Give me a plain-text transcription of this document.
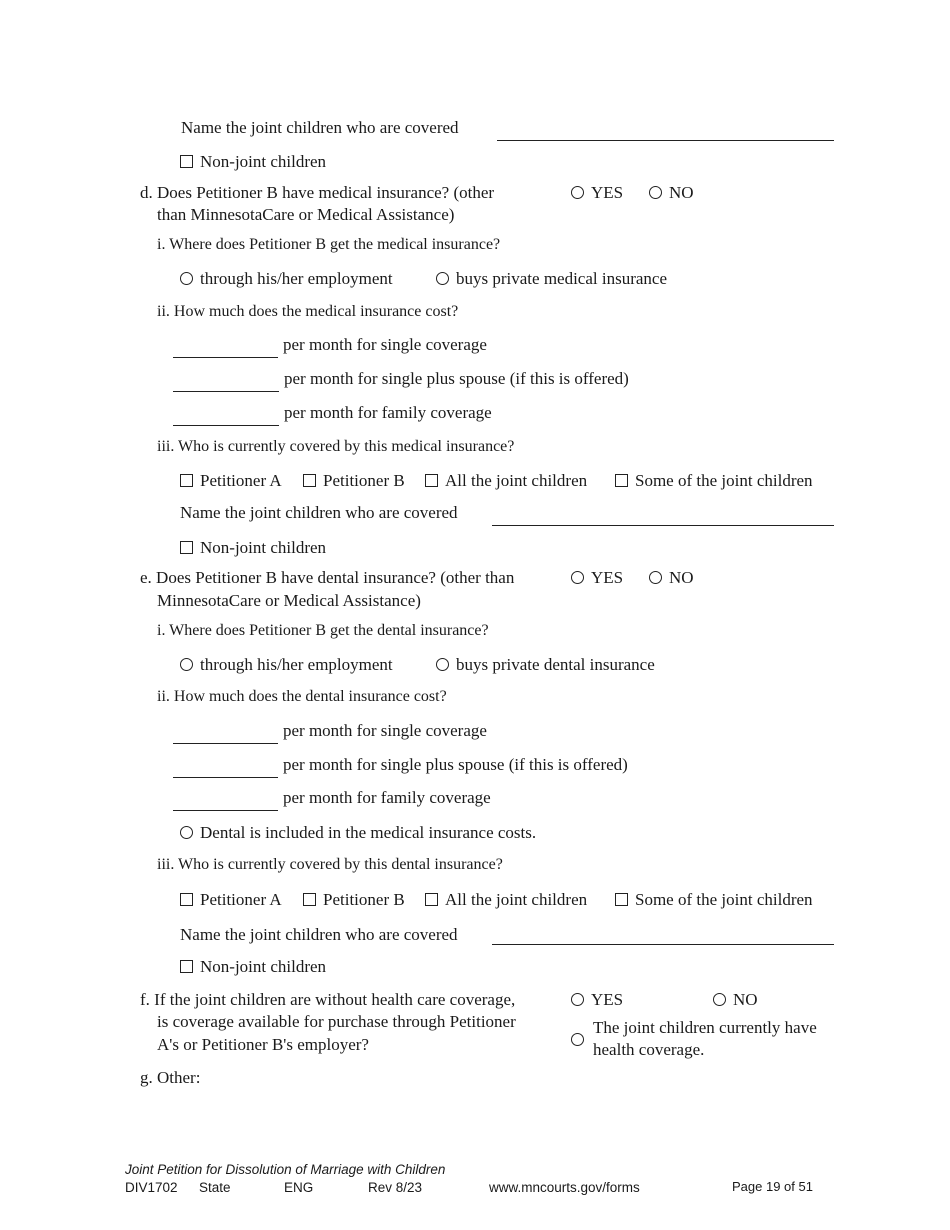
Name the joint children who are covered
Non-joint children
d. Does Petitioner B have medical insurance? (other
than MinnesotaCare or Medical Assistance)
YES	NO
i. Where does Petitioner B get the medical insurance?
through his/her employment	buys private medical insurance
ii. How much does the medical insurance cost?
per month for single coverage
per month for single plus spouse (if this is offered)
per month for family coverage
iii. Who is currently covered by this medical insurance?
Petitioner A	Petitioner B	All the joint children	Some of the joint children
Name the joint children who are covered
Non-joint children
e. Does Petitioner B have dental insurance? (other than
MinnesotaCare or Medical Assistance)
YES	NO
i. Where does Petitioner B get the dental insurance?
through his/her employment	buys private dental insurance
ii. How much does the dental insurance cost?
per month for single coverage
per month for single plus spouse (if this is offered)
per month for family coverage
Dental is included in the medical insurance costs.
iii. Who is currently covered by this dental insurance?
Petitioner A	Petitioner B	All the joint children	Some of the joint children
Name the joint children who are covered
Non-joint children
f. If the joint children are without health care coverage,
is coverage available for purchase through Petitioner
A's or Petitioner B's employer?
YES	NO
The joint children currently have
health coverage.
g. Other:
Joint Petition for Dissolution of Marriage with Children
DIV1702 State	ENG	Rev 8/23	www.mncourts.gov/forms	Page 19 of 51
